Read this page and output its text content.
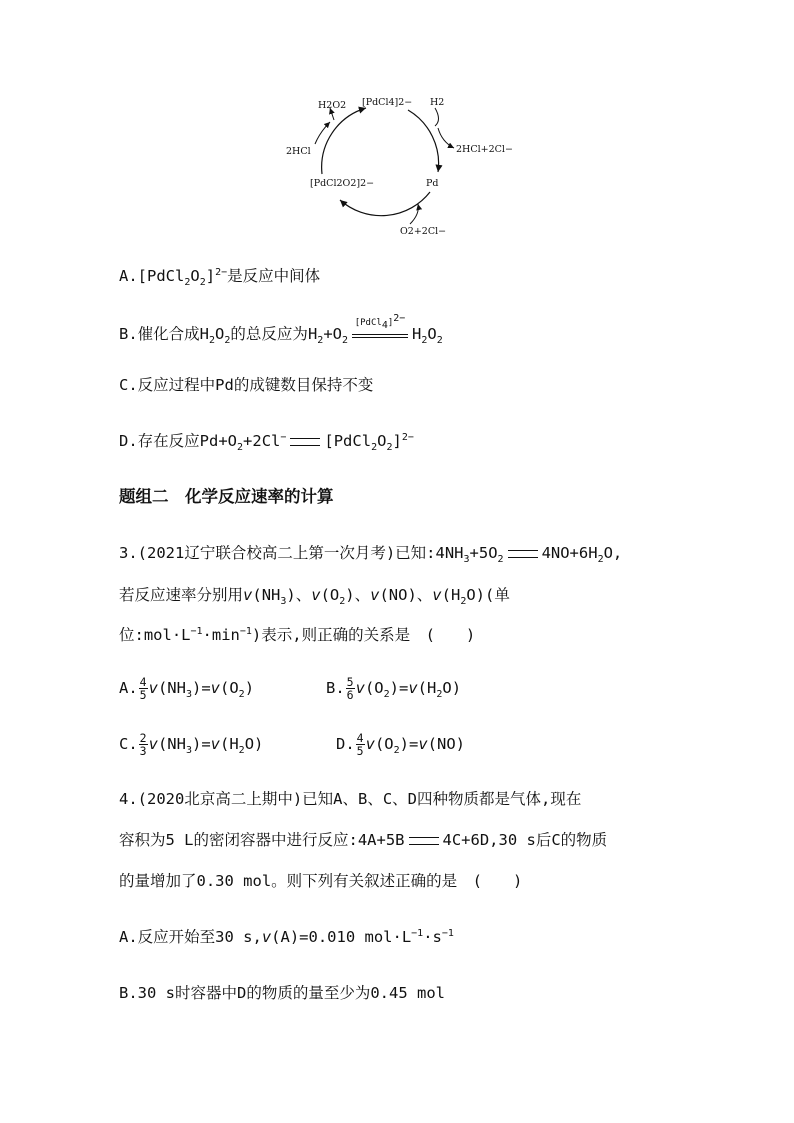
H2O2 [PdCl4]2− H2
2HCl+2Cl−
2HCl
[PdCl2O2]2−	Pd
O2+2Cl−
$A.[PdCl_2O_2]^{2-}$是反应中间体
B.催化合成$H_2O_2$的总反应为$H_2+O_2$
[PdCl$_4$]$^{2-}$
$H_2O_2$
C.反应过程中Pd的成键数目保持不变
D.存在反应$Pd+O_2+2Cl^-$ $[PdCl_2O_2]^{2-}$
题组二　化学反应速率的计算
3.(2021辽宁联合校高二上第一次月考)已知$:4NH_3+5O_2$ $4NO+6H_2O$,
若反应速率分别用$v(NH_3)$、$v(O_2)$、v(NO)、$v(H_2O)$(单
位$:mol\cdot L^{-1}\cdot\min^{-1}$)表示,则正确的关系是　(　　)
A. $\frac{4}{5} v(NH_3)=v(O_2)$	B. $\frac{5}{6} v(O_2)=v(H_2O)$
C. $\frac{2}{3} v(NH_3)=v(H_2O)$	D. $\frac{4}{5} v(O_2)=v(NO)$
4.(2020北京高二上期中)已知A、B、C、D四种物质都是气体,现在
容积为5 L的密闭容器中进行反应:4A+5B 4C+6D,30 s后C的物质
的量增加了0.30 mol。则下列有关叙述正确的是　(　　)
A.反应开始至30 s,v(A)=0.010 $mol\cdot L^{-1}\cdot s^{-1}$
B.30 s时容器中D的物质的量至少为0.45 mol
